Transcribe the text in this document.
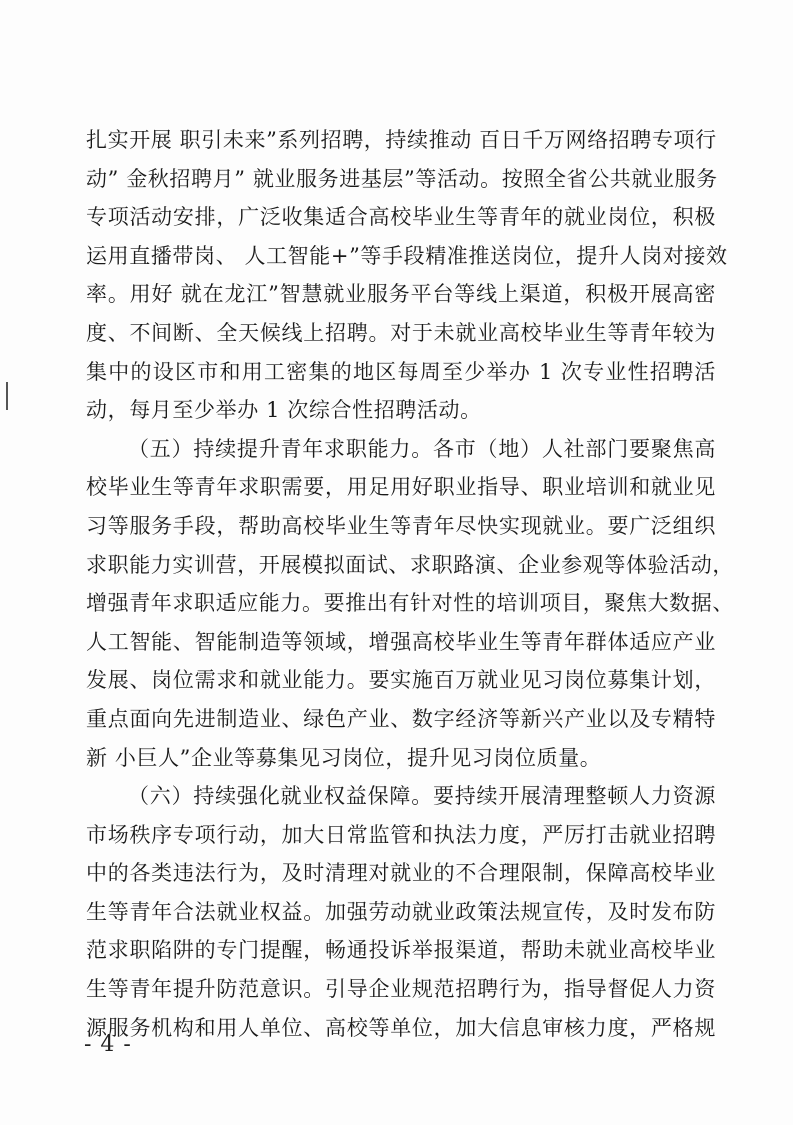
扎实开展 职引未来”系列招聘，持续推动 百日千万网络招聘专项行
动” 金秋招聘月” 就业服务进基层”等活动。按照全省公共就业服务
专项活动安排，广泛收集适合高校毕业生等青年的就业岗位，积极
运用直播带岗、 人工智能+”等手段精准推送岗位，提升人岗对接效
率。用好 就在龙江”智慧就业服务平台等线上渠道，积极开展高密
度、不间断、全天候线上招聘。对于未就业高校毕业生等青年较为
集中的设区市和用工密集的地区每周至少举办 1 次专业性招聘活
动，每月至少举办 1 次综合性招聘活动。
（五）持续提升青年求职能力。各市（地）人社部门要聚焦高
校毕业生等青年求职需要，用足用好职业指导、职业培训和就业见
习等服务手段，帮助高校毕业生等青年尽快实现就业。要广泛组织
求职能力实训营，开展模拟面试、求职路演、企业参观等体验活动，
增强青年求职适应能力。要推出有针对性的培训项目，聚焦大数据、
人工智能、智能制造等领域，增强高校毕业生等青年群体适应产业
发展、岗位需求和就业能力。要实施百万就业见习岗位募集计划，
重点面向先进制造业、绿色产业、数字经济等新兴产业以及专精特
新 小巨人”企业等募集见习岗位，提升见习岗位质量。
（六）持续强化就业权益保障。要持续开展清理整顿人力资源
市场秩序专项行动，加大日常监管和执法力度，严厉打击就业招聘
中的各类违法行为，及时清理对就业的不合理限制，保障高校毕业
生等青年合法就业权益。加强劳动就业政策法规宣传，及时发布防
范求职陷阱的专门提醒，畅通投诉举报渠道，帮助未就业高校毕业
生等青年提升防范意识。引导企业规范招聘行为，指导督促人力资
源服务机构和用人单位、高校等单位，加大信息审核力度，严格规
- 4 -
